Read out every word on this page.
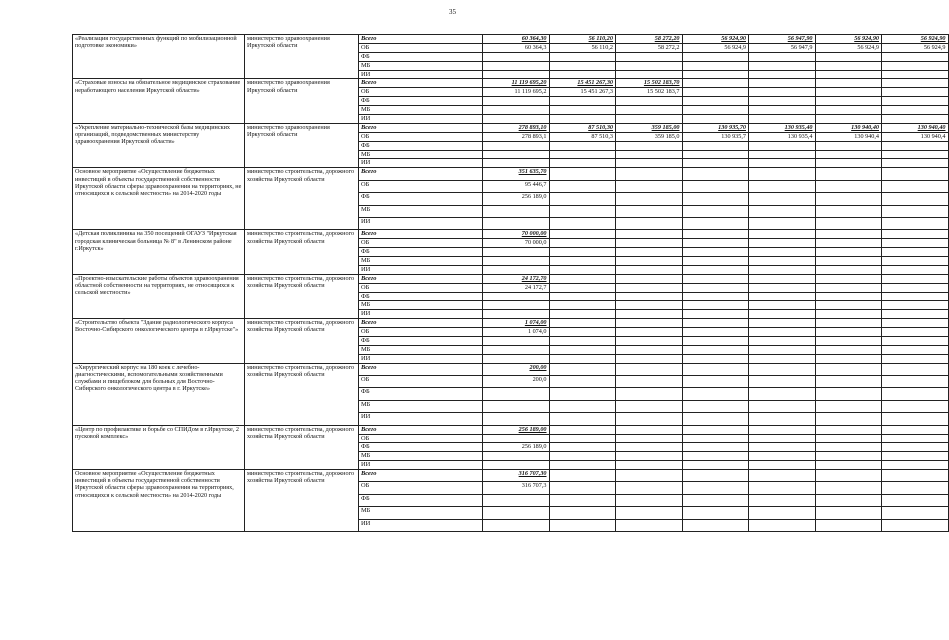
35
«Реализация государственных функций по мобилизационной подготовке экономики»	министерство здравоохранения Иркутской области	Всего	60 364,30	56 110,20	58 272,20	56 924,90	56 947,90	56 924,90	56 924,90
		ОБ	60 364,3	56 110,2	58 272,2	56 924,9	56 947,9	56 924,9	56 924,9
		ФБ							
		МБ							
		ИИ							
«Страховые взносы на обязательное медицинское страхование неработающего населения Иркутской области»	министерство здравоохранения Иркутской области	Всего	11 119 695,20	15 451 267,30	15 502 183,70				
		ОБ	11 119 695,2	15 451 267,3	15 502 183,7				
		ФБ							
		МБ							
		ИИ							
«Укрепление материально-технической базы медицинских организаций, подведомственных министерству здравоохранения Иркутской области»	министерство здравоохранения Иркутской области	Всего	278 893,10	87 510,30	359 185,00	130 935,70	130 935,40	130 940,40	130 940,40
		ОБ	278 893,1	87 510,3	359 185,0	130 935,7	130 935,4	130 940,4	130 940,4
		ФБ							
		МБ							
		ИИ							
Основное мероприятие «Осуществление бюджетных инвестиций в объекты государственной собственности Иркутской области сферы здравоохранения на территориях, не относящихся к сельской местности» на 2014-2020 годы	министерство строительства, дорожного хозяйства Иркутской области	Всего	351 635,70						
		ОБ	95 446,7						
		ФБ	256 189,0						
		МБ							
		ИИ							
«Детская поликлиника на 350 посещений ОГАУЗ "Иркутская городская клиническая больница № 8" в Ленинском районе г.Иркутск»	министерство строительства, дорожного хозяйства Иркутской области	Всего	70 000,00						
		ОБ	70 000,0						
		ФБ							
		МБ							
		ИИ							
«Проектно-изыскательские работы объектов здравоохранения областной собственности на территориях, не относящихся к сельской местности»	министерство строительства, дорожного хозяйства Иркутской области	Всего	24 172,70						
		ОБ	24 172,7						
		ФБ							
		МБ							
		ИИ							
«Строительство объекта "Здание радиологического корпуса Восточно-Сибирского онкологического центра в г.Иркутске"»	министерство строительства, дорожного хозяйства Иркутской области	Всего	1 074,00						
		ОБ	1 074,0						
		ФБ							
		МБ							
		ИИ							
«Хирургический корпус на 180 коек с лечебно-диагностическими, вспомогательными хозяйственными службами и пищеблоком для больных для Восточно-Сибирского онкологического центра в г. Иркутске»	министерство строительства, дорожного хозяйства Иркутской области	Всего	200,00						
		ОБ	200,0						
		ФБ							
		МБ							
		ИИ							
«Центр по профилактике и борьбе со СПИДом в г.Иркутске, 2 пусковой комплекс»	министерство строительства, дорожного хозяйства Иркутской области	Всего	256 189,00						
		ОБ							
		ФБ	256 189,0						
		МБ							
		ИИ							
Основное мероприятие «Осуществление бюджетных инвестиций в объекты государственной собственности Иркутской области сферы здравоохранения на территориях, относящихся к сельской местности» на 2014-2020 годы	министерство строительства, дорожного хозяйства Иркутской области	Всего	316 707,30						
		ОБ	316 707,3						
		ФБ							
		МБ							
		ИИ							
